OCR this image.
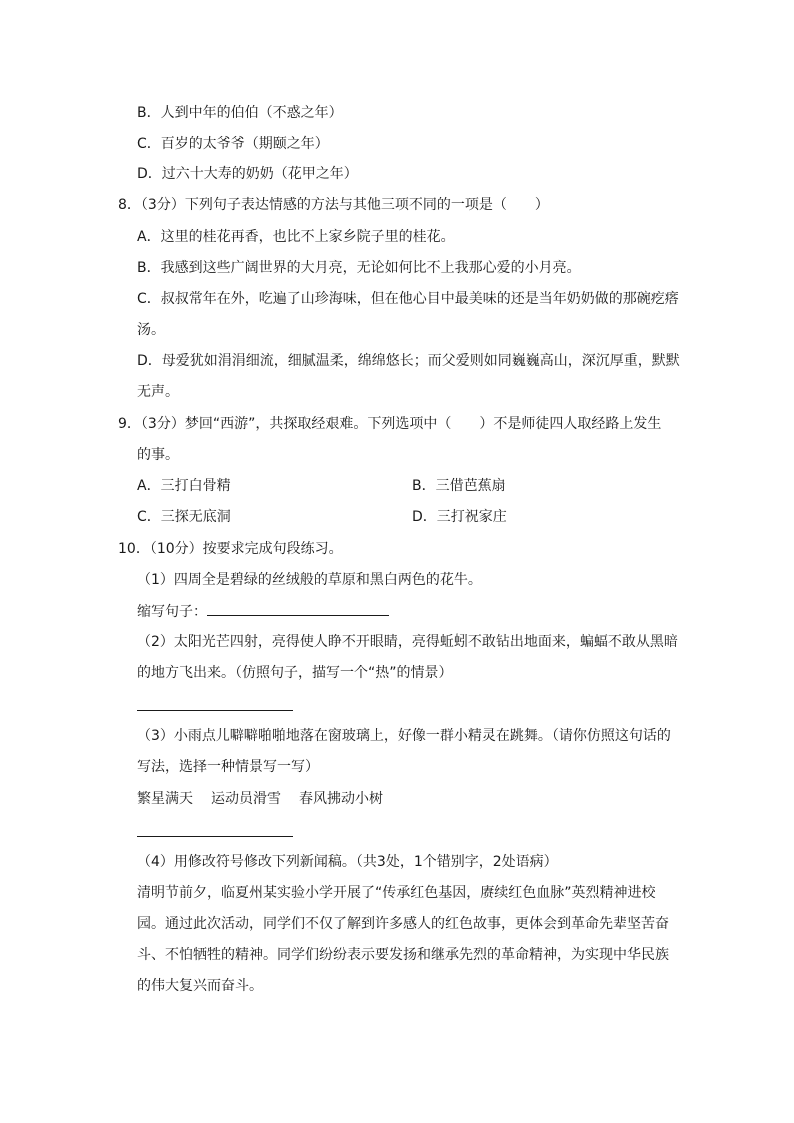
B．人到中年的伯伯（不惑之年）
C．百岁的太爷爷（期颐之年）
D．过六十大寿的奶奶（花甲之年）
8．（3分）下列句子表达情感的方法与其他三项不同的一项是（　　）
A．这里的桂花再香，也比不上家乡院子里的桂花。
B．我感到这些广阔世界的大月亮，无论如何比不上我那心爱的小月亮。
C．叔叔常年在外，吃遍了山珍海味，但在他心目中最美味的还是当年奶奶做的那碗疙瘩
汤。
D．母爱犹如涓涓细流，细腻温柔，绵绵悠长；而父爱则如同巍巍高山，深沉厚重，默默
无声。
9．（3分）梦回“西游”，共探取经艰难。下列选项中（　　）不是师徒四人取经路上发生
的事。
A．三打白骨精	B．三借芭蕉扇
C．三探无底洞	D．三打祝家庄
10．（10分）按要求完成句段练习。
（1）四周全是碧绿的丝绒般的草原和黑白两色的花牛。
缩写句子：
（2）太阳光芒四射，亮得使人睁不开眼睛，亮得蚯蚓不敢钻出地面来，蝙蝠不敢从黑暗
的地方飞出来。（仿照句子，描写一个“热”的情景）
（3）小雨点儿噼噼啪啪地落在窗玻璃上，好像一群小精灵在跳舞。（请你仿照这句话的
写法，选择一种情景写一写）
繁星满天 运动员滑雪 春风拂动小树
（4）用修改符号修改下列新闻稿。（共3处，1个错别字，2处语病）
清明节前夕，临夏州某实验小学开展了“传承红色基因，赓续红色血脉”英烈精神进校
园。通过此次活动，同学们不仅了解到许多感人的红色故事，更体会到革命先辈坚苦奋
斗、不怕牺牲的精神。同学们纷纷表示要发扬和继承先烈的革命精神，为实现中华民族
的伟大复兴而奋斗。
